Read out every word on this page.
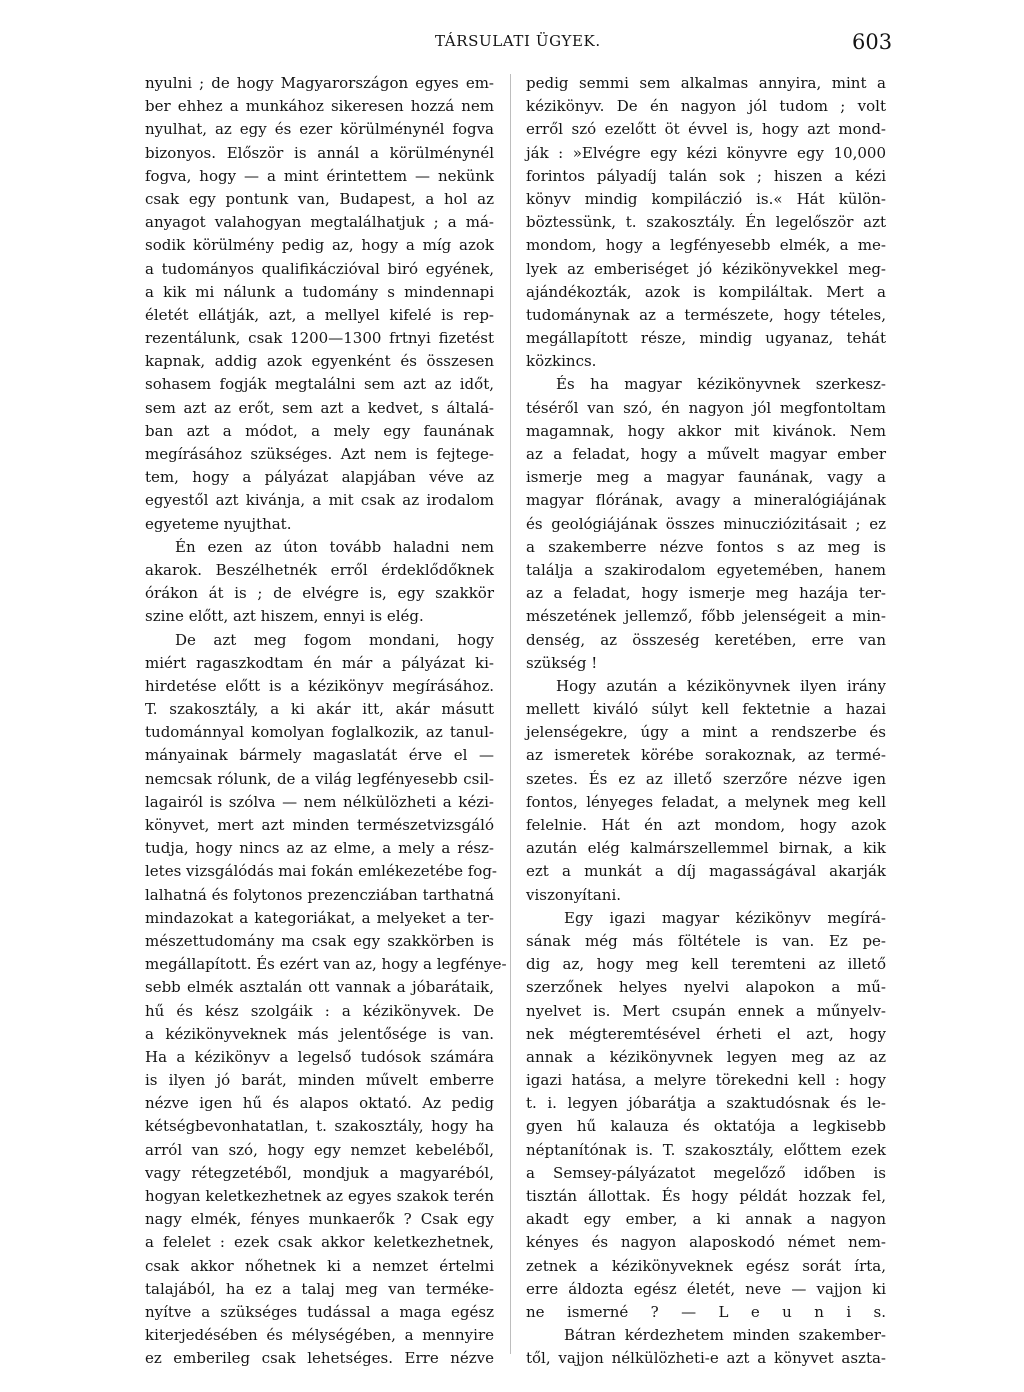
TÁRSULATI ÜGYEK.	603
nyulni ; de hogy Magyarországon egyes em-
ber ehhez a munkához sikeresen hozzá nem
nyulhat, az egy és ezer körülménynél fogva
bizonyos. Először is annál a körülménynél
fogva, hogy — a mint érintettem — nekünk
csak egy pontunk van, Budapest, a hol az
anyagot valahogyan megtalálhatjuk ; a má-
sodik körülmény pedig az, hogy a míg azok
a tudományos qualifikáczióval biró egyének,
a kik mi nálunk a tudomány s mindennapi
életét ellátják, azt, a mellyel kifelé is rep-
rezentálunk, csak 1200—1300 frtnyi fizetést
kapnak, addig azok egyenként és összesen
sohasem fogják megtalálni sem azt az időt,
sem azt az erőt, sem azt a kedvet, s általá-
ban azt a módot, a mely egy faunának
megírásához szükséges. Azt nem is fejtege-
tem, hogy a pályázat alapjában véve az
egyestől azt kivánja, a mit csak az irodalom
egyeteme nyujthat.
Én ezen az úton tovább haladni nem
akarok. Beszélhetnék erről érdeklődőknek
órákon át is ; de elvégre is, egy szakkör
szine előtt, azt hiszem, ennyi is elég.
De azt meg fogom mondani, hogy
miért ragaszkodtam én már a pályázat ki-
hirdetése előtt is a kézikönyv megírásához.
T. szakosztály, a ki akár itt, akár másutt
tudománnyal komolyan foglalkozik, az tanul-
mányainak bármely magaslatát érve el —
nemcsak rólunk, de a világ legfényesebb csil-
lagairól is szólva — nem nélkülözheti a kézi-
könyvet, mert azt minden természetvizsgáló
tudja, hogy nincs az az elme, a mely a rész-
letes vizsgálódás mai fokán emlékezetébe fog-
lalhatná és folytonos prezencziában tarthatná
mindazokat a kategoriákat, a melyeket a ter-
mészettudomány ma csak egy szakkörben is
megállapított. És ezért van az, hogy a legfénye-
sebb elmék asztalán ott vannak a jóbarátaik,
hű és kész szolgáik : a kézikönyvek. De
a kézikönyveknek más jelentősége is van.
Ha a kézikönyv a legelső tudósok számára
is ilyen jó barát, minden művelt emberre
nézve igen hű és alapos oktató. Az pedig
kétségbevonhatatlan, t. szakosztály, hogy ha
arról van szó, hogy egy nemzet kebeléből,
vagy rétegzetéből, mondjuk a magyaréból,
hogyan keletkezhetnek az egyes szakok terén
nagy elmék, fényes munkaerők ? Csak egy
a felelet : ezek csak akkor keletkezhetnek,
csak akkor nőhetnek ki a nemzet értelmi
talajából, ha ez a talaj meg van terméke-
nyítve a szükséges tudással a maga egész
kiterjedésében és mélységében, a mennyire
ez emberileg csak lehetséges. Erre nézve
pedig semmi sem alkalmas annyira, mint a
kézikönyv. De én nagyon jól tudom ; volt
erről szó ezelőtt öt évvel is, hogy azt mond-
ják : »Elvégre egy kézi könyvre egy 10,000
forintos pályadíj talán sok ; hiszen a kézi
könyv mindig kompiláczió is.« Hát külön-
böztessünk, t. szakosztály. Én legelőször azt
mondom, hogy a legfényesebb elmék, a me-
lyek az emberiséget jó kézikönyvekkel meg-
ajándékozták, azok is kompiláltak. Mert a
tudománynak az a természete, hogy tételes,
megállapított része, mindig ugyanaz, tehát
közkincs.
És ha magyar kézikönyvnek szerkesz-
téséről van szó, én nagyon jól megfontoltam
magamnak, hogy akkor mit kivánok. Nem
az a feladat, hogy a művelt magyar ember
ismerje meg a magyar faunának, vagy a
magyar flórának, avagy a mineralógiájának
és geológiájának összes minucziózitásait ; ez
a szakemberre nézve fontos s az meg is
találja a szakirodalom egyetemében, hanem
az a feladat, hogy ismerje meg hazája ter-
mészetének jellemző, főbb jelenségeit a min-
denség, az összeség keretében, erre van
szükség !
Hogy azután a kézikönyvnek ilyen irány
mellett kiváló súlyt kell fektetnie a hazai
jelenségekre, úgy a mint a rendszerbe és
az ismeretek körébe sorakoznak, az termé-
szetes. És ez az illető szerzőre nézve igen
fontos, lényeges feladat, a melynek meg kell
felelnie. Hát én azt mondom, hogy azok
azután elég kalmárszellemmel birnak, a kik
ezt a munkát a díj magasságával akarják
viszonyítani.
Egy igazi magyar kézikönyv megírá-
sának még más föltétele is van. Ez pe-
dig az, hogy meg kell teremteni az illető
szerzőnek helyes nyelvi alapokon a mű-
nyelvet is. Mert csupán ennek a műnyelv-
nek mégteremtésével érheti el azt, hogy
annak a kézikönyvnek legyen meg az az
igazi hatása, a melyre törekedni kell : hogy
t. i. legyen jóbarátja a szaktudósnak és le-
gyen hű kalauza és oktatója a legkisebb
néptanítónak is. T. szakosztály, előttem ezek
a Semsey-pályázatot megelőző időben is
tisztán állottak. És hogy példát hozzak fel,
akadt egy ember, a ki annak a nagyon
kényes és nagyon alaposkodó német nem-
zetnek a kézikönyveknek egész sorát írta,
erre áldozta egész életét, neve — vajjon ki
ne ismerné ? — L e u n i s.
Bátran kérdezhetem minden szakember-
től, vajjon nélkülözheti-e azt a könyvet aszta-
